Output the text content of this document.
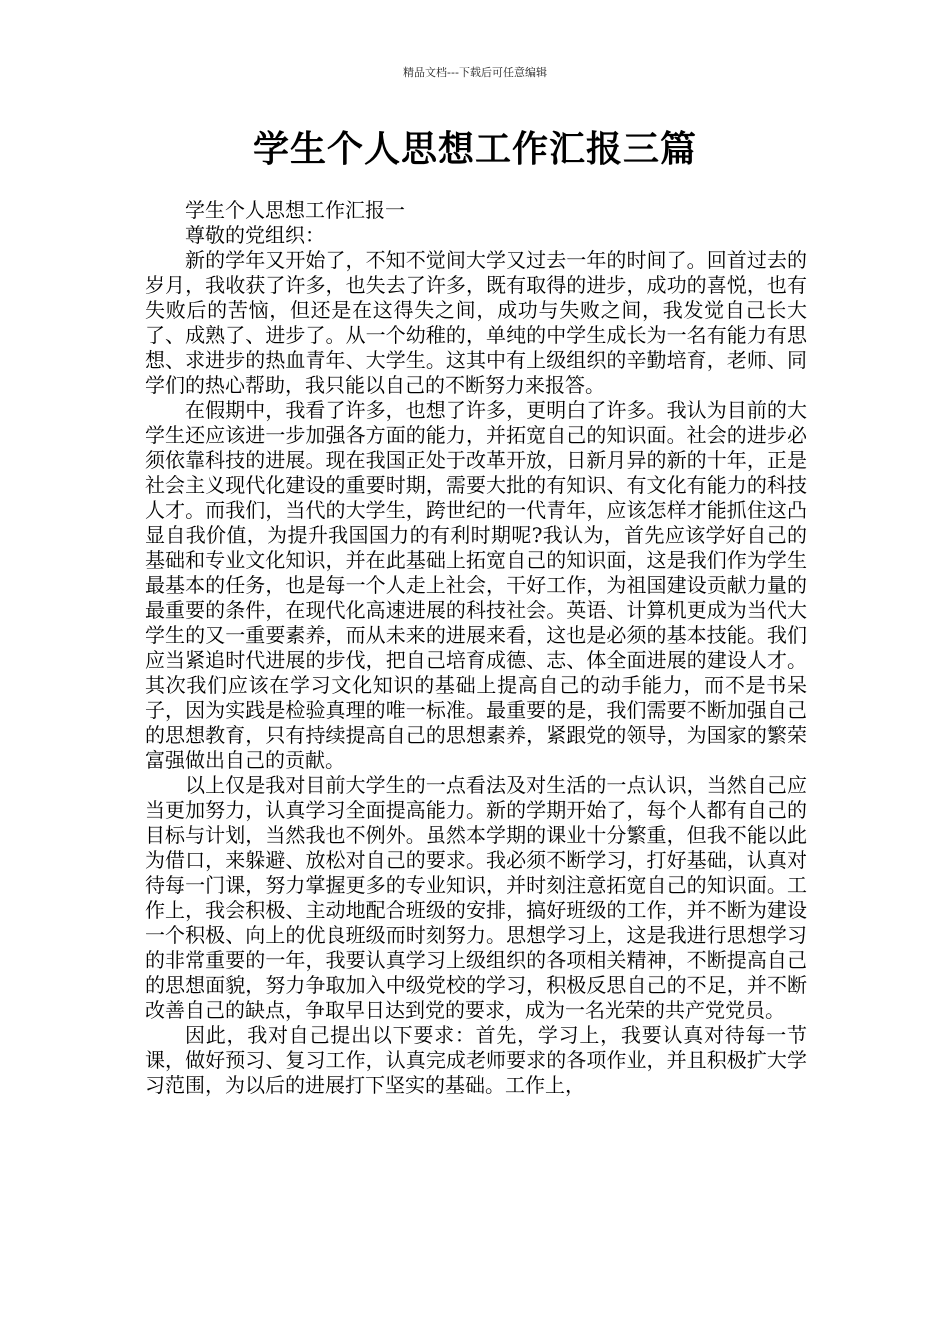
精品文档---下载后可任意编辑
学生个人思想工作汇报三篇

学生个人思想工作汇报一

尊敬的党组织：

新的学年又开始了，不知不觉间大学又过去一年的时间了。回首过去的岁月，我收获了许多，也失去了许多，既有取得的进步，成功的喜悦，也有失败后的苦恼，但还是在这得失之间，成功与失败之间，我发觉自己长大了、成熟了、进步了。从一个幼稚的，单纯的中学生成长为一名有能力有思想、求进步的热血青年、大学生。这其中有上级组织的辛勤培育，老师、同学们的热心帮助，我只能以自己的不断努力来报答。

在假期中，我看了许多，也想了许多，更明白了许多。我认为目前的大学生还应该进一步加强各方面的能力，并拓宽自己的知识面。社会的进步必须依靠科技的进展。现在我国正处于改革开放，日新月异的新的十年，正是社会主义现代化建设的重要时期，需要大批的有知识、有文化有能力的科技人才。而我们，当代的大学生，跨世纪的一代青年，应该怎样才能抓住这凸显自我价值，为提升我国国力的有利时期呢?我认为，首先应该学好自己的基础和专业文化知识，并在此基础上拓宽自己的知识面，这是我们作为学生最基本的任务，也是每一个人走上社会，干好工作，为祖国建设贡献力量的最重要的条件，在现代化高速进展的科技社会。英语、计算机更成为当代大学生的又一重要素养，而从未来的进展来看，这也是必须的基本技能。我们应当紧追时代进展的步伐，把自己培育成德、志、体全面进展的建设人才。其次我们应该在学习文化知识的基础上提高自己的动手能力，而不是书呆子，因为实践是检验真理的唯一标准。最重要的是，我们需要不断加强自己的思想教育，只有持续提高自己的思想素养，紧跟党的领导，为国家的繁荣富强做出自己的贡献。

以上仅是我对目前大学生的一点看法及对生活的一点认识，当然自己应当更加努力，认真学习全面提高能力。新的学期开始了，每个人都有自己的目标与计划，当然我也不例外。虽然本学期的课业十分繁重，但我不能以此为借口，来躲避、放松对自己的要求。我必须不断学习，打好基础，认真对待每一门课，努力掌握更多的专业知识，并时刻注意拓宽自己的知识面。工作上，我会积极、主动地配合班级的安排，搞好班级的工作，并不断为建设一个积极、向上的优良班级而时刻努力。思想学习上，这是我进行思想学习的非常重要的一年，我要认真学习上级组织的各项相关精神，不断提高自己的思想面貌，努力争取加入中级党校的学习，积极反思自己的不足，并不断改善自己的缺点，争取早日达到党的要求，成为一名光荣的共产党党员。

因此，我对自己提出以下要求：首先，学习上，我要认真对待每一节课，做好预习、复习工作，认真完成老师要求的各项作业，并且积极扩大学习范围，为以后的进展打下坚实的基础。工作上，
